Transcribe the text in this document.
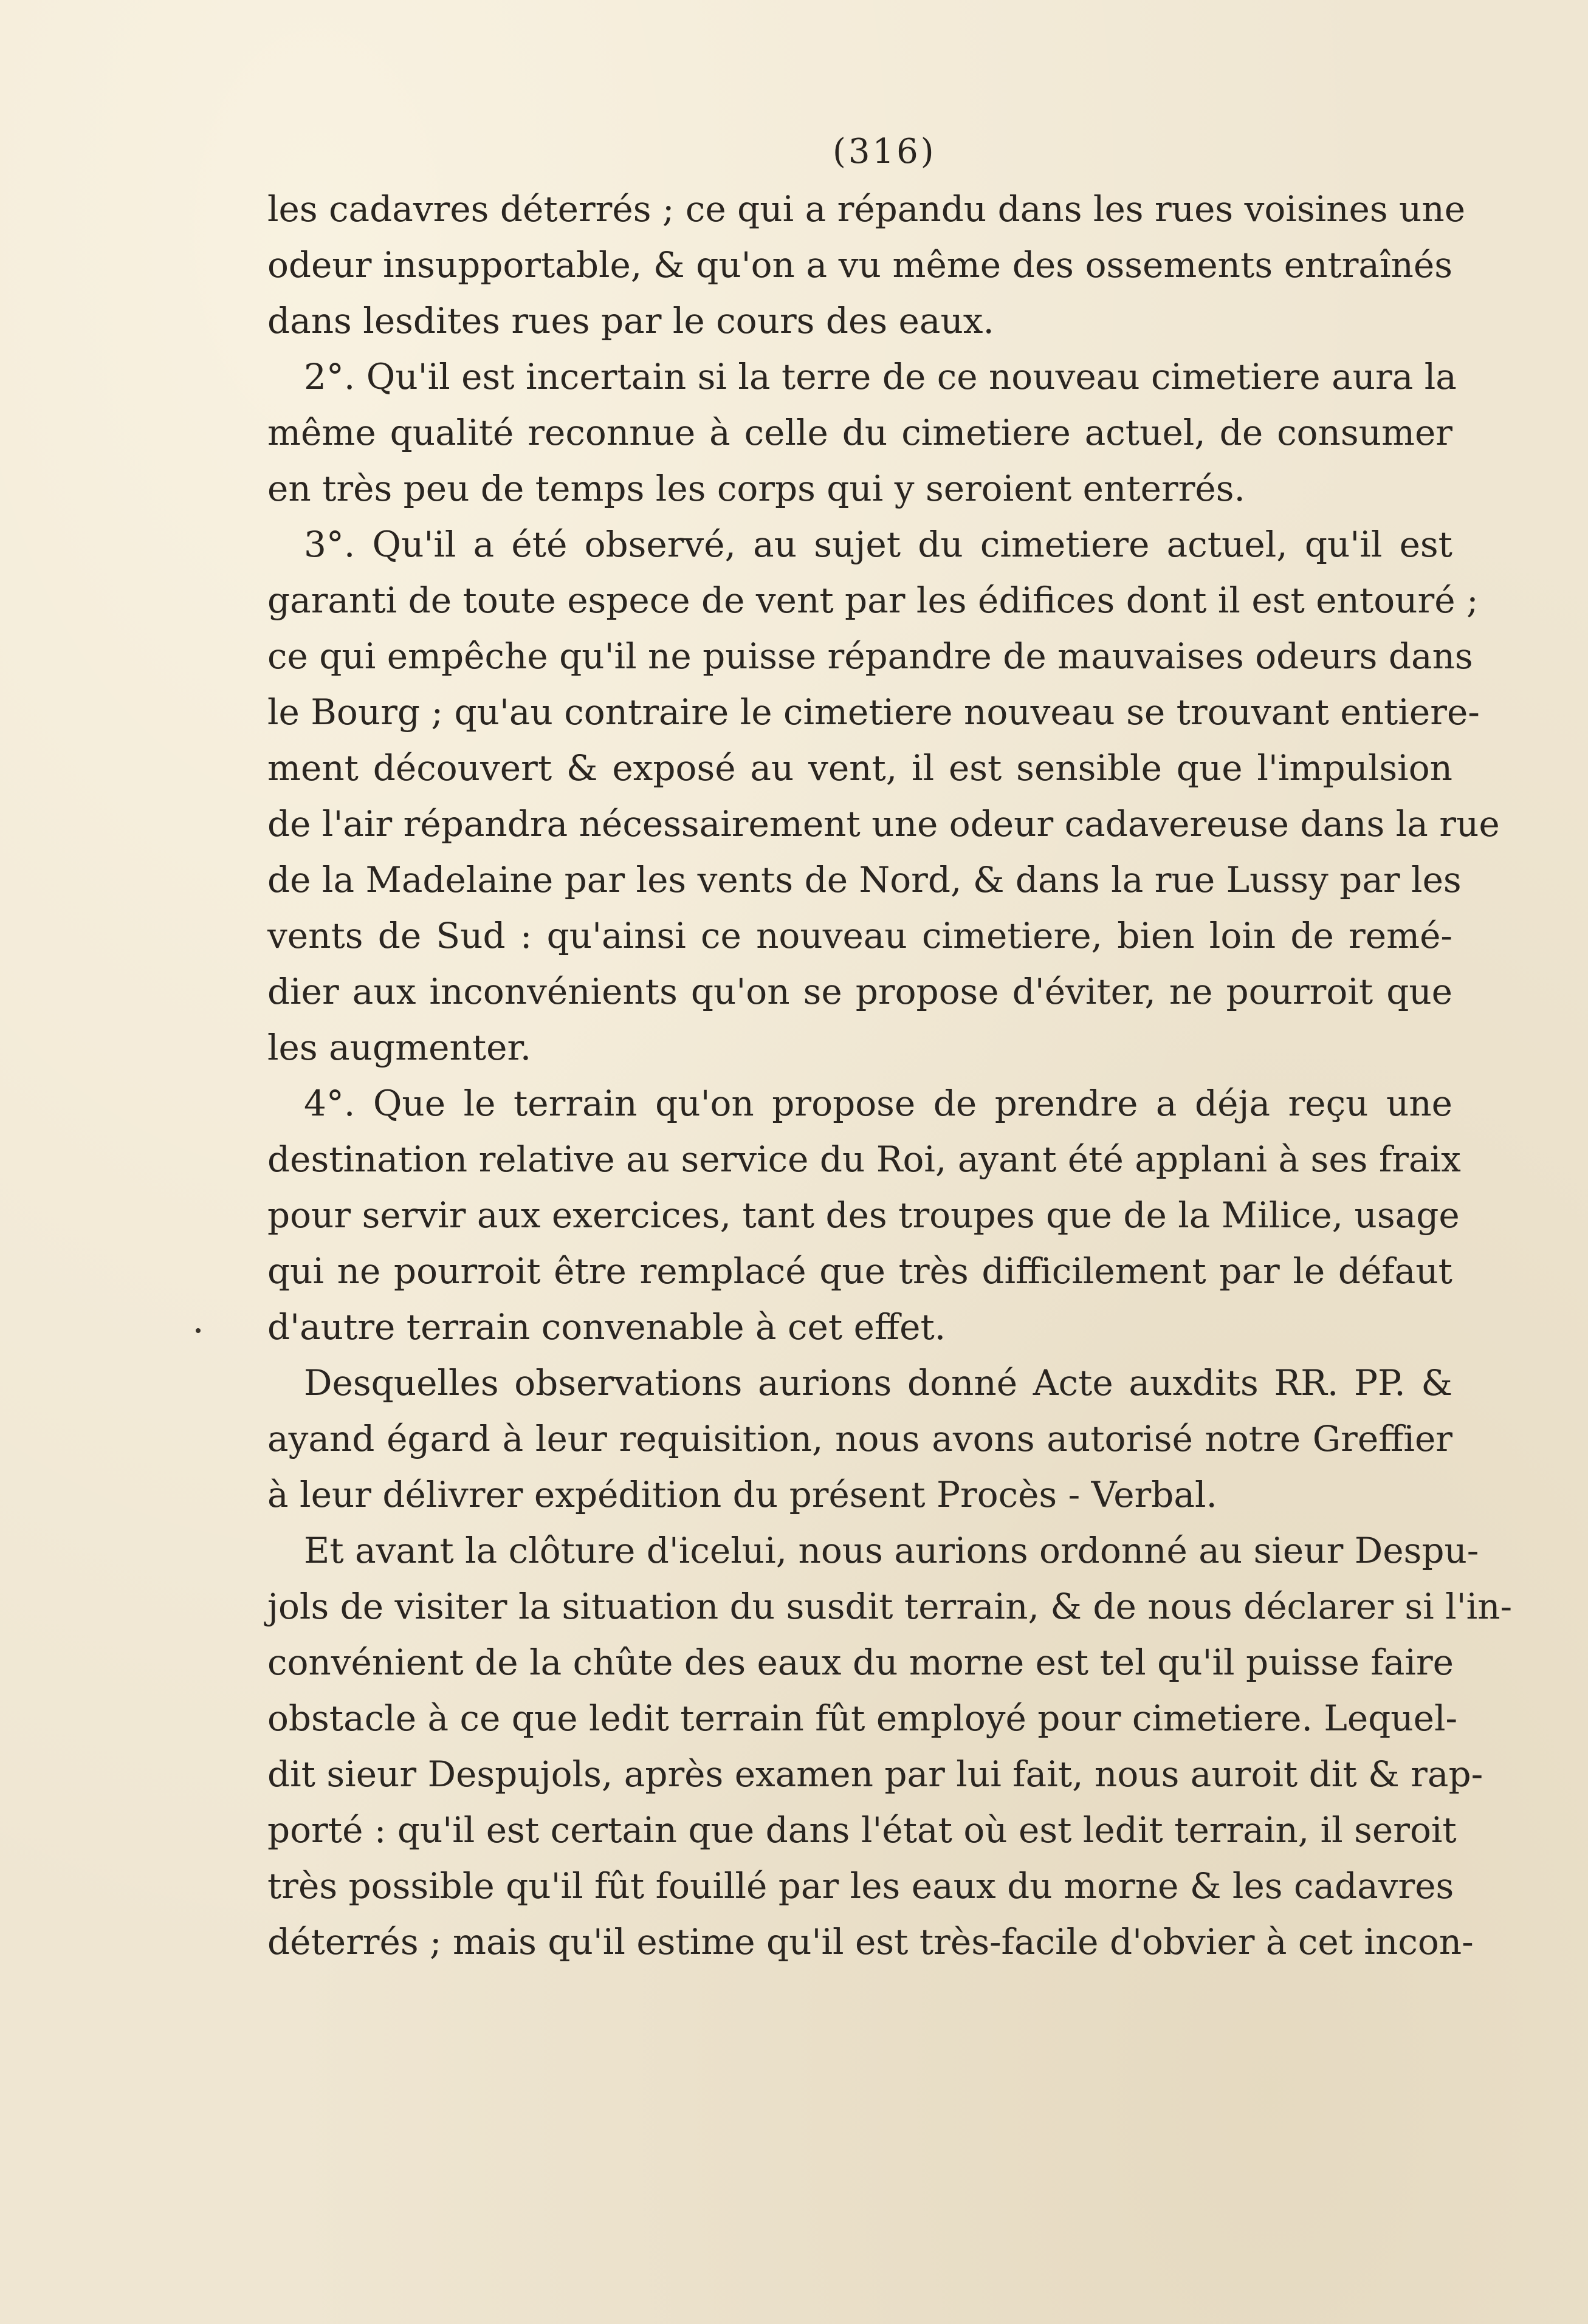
(316)
les cadavres déterrés ; ce qui a répandu dans les rues voisines une
odeur insupportable, & qu'on a vu même des ossements entraînés
dans lesdites rues par le cours des eaux.
2°. Qu'il est incertain si la terre de ce nouveau cimetiere aura la
même qualité reconnue à celle du cimetiere actuel, de consumer
en très peu de temps les corps qui y seroient enterrés.
3°. Qu'il a été observé, au sujet du cimetiere actuel, qu'il est
garanti de toute espece de vent par les édifices dont il est entouré ;
ce qui empêche qu'il ne puisse répandre de mauvaises odeurs dans
le Bourg ; qu'au contraire le cimetiere nouveau se trouvant entiere-
ment découvert & exposé au vent, il est sensible que l'impulsion
de l'air répandra nécessairement une odeur cadavereuse dans la rue
de la Madelaine par les vents de Nord, & dans la rue Lussy par les
vents de Sud : qu'ainsi ce nouveau cimetiere, bien loin de remé-
dier aux inconvénients qu'on se propose d'éviter, ne pourroit que
les augmenter.
4°. Que le terrain qu'on propose de prendre a déja reçu une
destination relative au service du Roi, ayant été applani à ses fraix
pour servir aux exercices, tant des troupes que de la Milice, usage
qui ne pourroit être remplacé que très difficilement par le défaut
d'autre terrain convenable à cet effet.
Desquelles observations aurions donné Acte auxdits RR. PP. &
ayand égard à leur requisition, nous avons autorisé notre Greffier
à leur délivrer expédition du présent Procès - Verbal.
Et avant la clôture d'icelui, nous aurions ordonné au sieur Despu-
jols de visiter la situation du susdit terrain, & de nous déclarer si l'in-
convénient de la chûte des eaux du morne est tel qu'il puisse faire
obstacle à ce que ledit terrain fût employé pour cimetiere. Lequel-
dit sieur Despujols, après examen par lui fait, nous auroit dit & rap-
porté : qu'il est certain que dans l'état où est ledit terrain, il seroit
très possible qu'il fût fouillé par les eaux du morne & les cadavres
déterrés ; mais qu'il estime qu'il est très-facile d'obvier à cet incon-
